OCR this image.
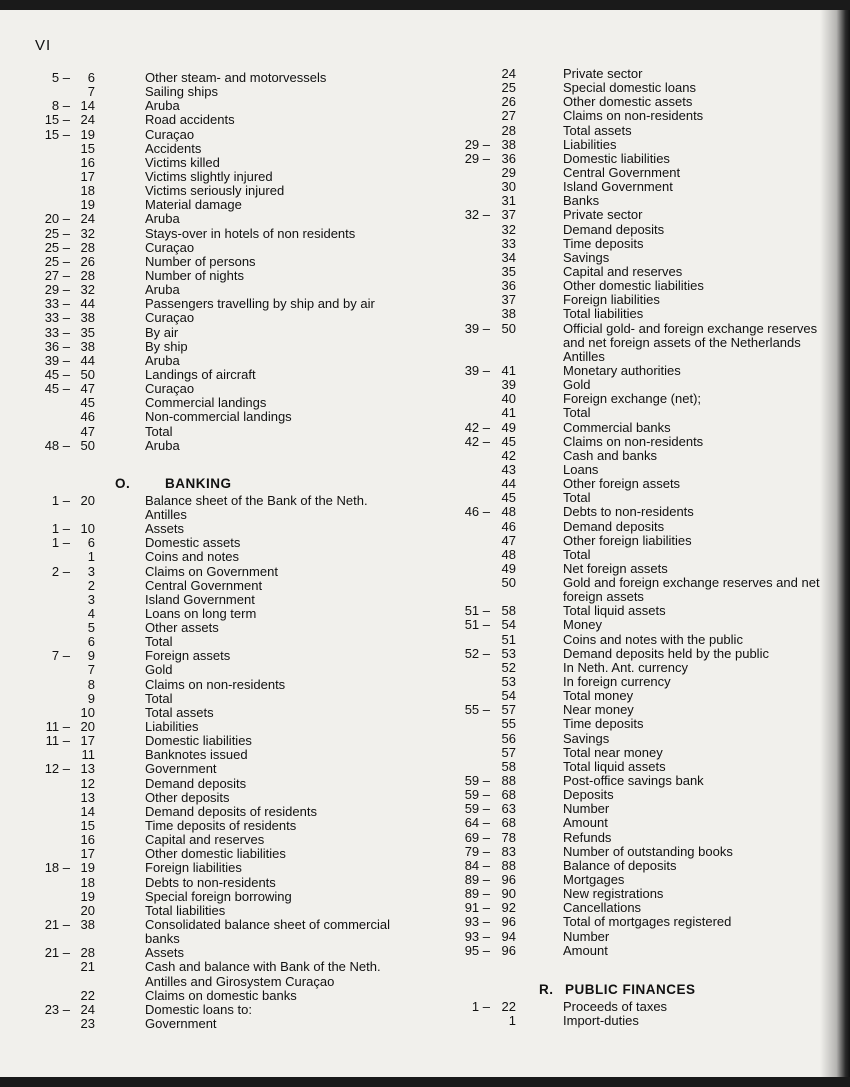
VI
5 –	6	Other steam- and motorvessels
7	Sailing ships
8 – 14	Aruba
15 – 24	Road accidents
15 – 19	Curaçao
15	Accidents
16	Victims killed
17	Victims slightly injured
18	Victims seriously injured
19	Material damage
20 – 24	Aruba
25 – 32	Stays-over in hotels of non residents
25 – 28	Curaçao
25 – 26	Number of persons
27 – 28	Number of nights
29 – 32	Aruba
33 – 44	Passengers travelling by ship and by air
33 – 38	Curaçao
33 – 35	By air
36 – 38	By ship
39 – 44	Aruba
45 – 50	Landings of aircraft
45 – 47	Curaçao
45	Commercial landings
46	Non-commercial landings
47	Total
48 – 50	Aruba
O.	BANKING
1 – 20	Balance sheet of the Bank of the Neth.
Antilles
1 – 10	Assets
1 –	6	Domestic assets
1	Coins and notes
2 –	3	Claims on Government
2	Central Government
3	Island Government
4	Loans on long term
5	Other assets
6	Total
7 –	9	Foreign assets
7	Gold
8	Claims on non-residents
9	Total
10	Total assets
11 – 20	Liabilities
11 – 17	Domestic liabilities
11	Banknotes issued
12 – 13	Government
12	Demand deposits
13	Other deposits
14	Demand deposits of residents
15	Time deposits of residents
16	Capital and reserves
17	Other domestic liabilities
18 – 19	Foreign liabilities
18	Debts to non-residents
19	Special foreign borrowing
20	Total liabilities
21 – 38	Consolidated balance sheet of commercial
banks
21 – 28	Assets
21	Cash and balance with Bank of the Neth.
Antilles and Girosystem Curaçao
22	Claims on domestic banks
23 – 24	Domestic loans to:
23	Government
24	Private sector
25	Special domestic loans
26	Other domestic assets
27	Claims on non-residents
28	Total assets
29 – 38	Liabilities
29 – 36	Domestic liabilities
29	Central Government
30	Island Government
31	Banks
32 – 37	Private sector
32	Demand deposits
33	Time deposits
34	Savings
35	Capital and reserves
36	Other domestic liabilities
37	Foreign liabilities
38	Total liabilities
39 – 50	Official gold- and foreign exchange reserves
and net foreign assets of the Netherlands
Antilles
39 – 41	Monetary authorities
39	Gold
40	Foreign exchange (net);
41	Total
42 – 49	Commercial banks
42 – 45	Claims on non-residents
42	Cash and banks
43	Loans
44	Other foreign assets
45	Total
46 – 48	Debts to non-residents
46	Demand deposits
47	Other foreign liabilities
48	Total
49	Net foreign assets
50	Gold and foreign exchange reserves and net
foreign assets
51 – 58	Total liquid assets
51 – 54	Money
51	Coins and notes with the public
52 – 53	Demand deposits held by the public
52	In Neth. Ant. currency
53	In foreign currency
54	Total money
55 – 57	Near money
55	Time deposits
56	Savings
57	Total near money
58	Total liquid assets
59 – 88	Post-office savings bank
59 – 68	Deposits
59 – 63	Number
64 – 68	Amount
69 – 78	Refunds
79 – 83	Number of outstanding books
84 – 88	Balance of deposits
89 – 96	Mortgages
89 – 90	New registrations
91 – 92	Cancellations
93 – 96	Total of mortgages registered
93 – 94	Number
95 – 96	Amount
R. PUBLIC FINANCES
1 – 22	Proceeds of taxes
1	Import-duties
